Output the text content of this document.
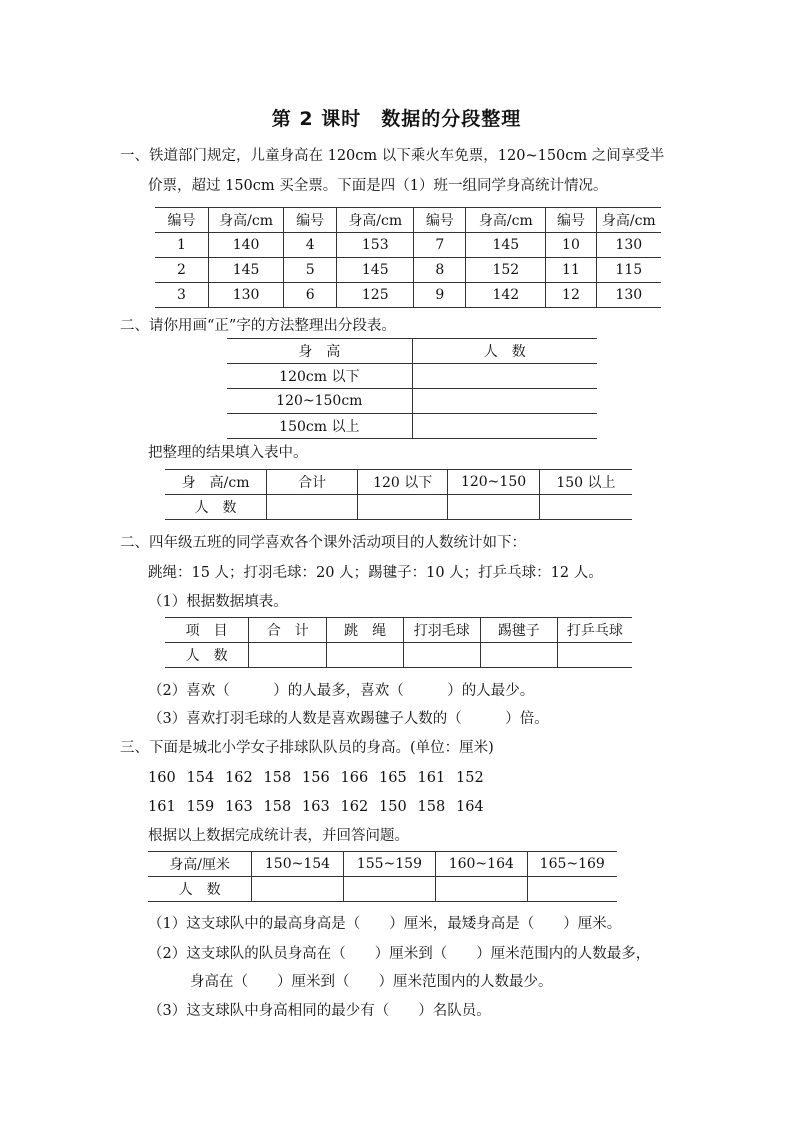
第 2 课时　数据的分段整理
一、铁道部门规定，儿童身高在 120cm 以下乘火车免票，120~150cm 之间享受半
价票，超过 150cm 买全票。下面是四（1）班一组同学身高统计情况。
编号	身高/cm	编号	身高/cm	编号	身高/cm	编号	身高/cm
1	140	4	153	7	145	10	130
2	145	5	145	8	152	11	115
3	130	6	125	9	142	12	130
二、请你用画“正”字的方法整理出分段表。
身　高	人　数
120cm 以下	
120~150cm	
150cm 以上	
把整理的结果填入表中。
身　高/cm	合计	120 以下	120~150	150 以上
人　数				
二、四年级五班的同学喜欢各个课外活动项目的人数统计如下：
跳绳：15 人；打羽毛球：20 人；踢毽子：10 人；打乒乓球：12 人。
（1）根据数据填表。
项　目	合　计	跳　绳	打羽毛球	踢毽子	打乒乓球
人　数					
（2）喜欢（　　　）的人最多，喜欢（　　　）的人最少。
（3）喜欢打羽毛球的人数是喜欢踢毽子人数的（　　　）倍。
三、下面是城北小学女子排球队队员的身高。(单位：厘米)
160 154 162 158 156 166 165 161 152
161 159 163 158 163 162 150 158 164
根据以上数据完成统计表，并回答问题。
身高/厘米	150~154	155~159	160~164	165~169
人　数				
（1）这支球队中的最高身高是（　　）厘米，最矮身高是（　　）厘米。
（2）这支球队的队员身高在（　　）厘米到（　　）厘米范围内的人数最多，
身高在（　　）厘米到（　　）厘米范围内的人数最少。
（3）这支球队中身高相同的最少有（　　）名队员。
